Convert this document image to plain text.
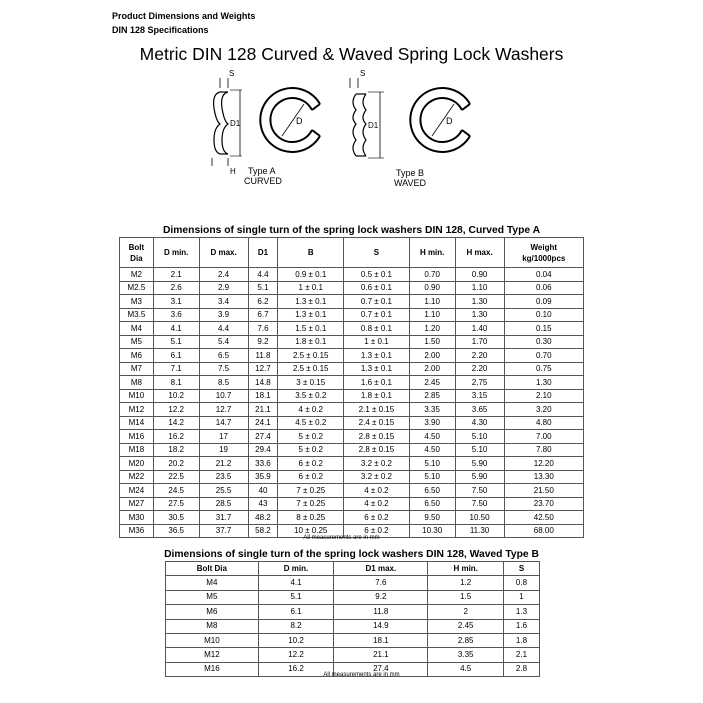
Product Dimensions and Weights
DIN 128 Specifications
Metric DIN 128 Curved & Waved Spring Lock Washers
S
H
D1	D
Type A
CURVED
S
D1	D
Type B
WAVED
Dimensions of single turn of the spring lock washers DIN 128, Curved Type A
Bolt
Dia	D min.	D max.	D1	B	S	H min.	H max.	Weight
kg/1000pcs
M2	2.1	2.4	4.4	0.9 ± 0.1	0.5 ± 0.1	0.70	0.90	0.04
M2.5	2.6	2.9	5.1	1 ± 0.1	0.6 ± 0.1	0.90	1.10	0.06
M3	3.1	3.4	6.2	1.3 ± 0.1	0.7 ± 0.1	1.10	1.30	0.09
M3.5	3.6	3.9	6.7	1.3 ± 0.1	0.7 ± 0.1	1.10	1.30	0.10
M4	4.1	4.4	7.6	1.5 ± 0.1	0.8 ± 0.1	1.20	1.40	0.15
M5	5.1	5.4	9.2	1.8 ± 0.1	1 ± 0.1	1.50	1.70	0.30
M6	6.1	6.5	11.8	2.5 ± 0.15	1.3 ± 0.1	2.00	2.20	0.70
M7	7.1	7.5	12.7	2.5 ± 0.15	1.3 ± 0.1	2.00	2.20	0.75
M8	8.1	8.5	14.8	3 ± 0.15	1.6 ± 0.1	2.45	2.75	1.30
M10	10.2	10.7	18.1	3.5 ± 0.2	1.8 ± 0.1	2.85	3.15	2.10
M12	12.2	12.7	21.1	4 ± 0.2	2.1 ± 0.15	3.35	3.65	3.20
M14	14.2	14.7	24.1	4.5 ± 0.2	2.4 ± 0.15	3.90	4.30	4.80
M16	16.2	17	27.4	5 ± 0.2	2.8 ± 0.15	4.50	5.10	7.00
M18	18.2	19	29.4	5 ± 0.2	2.8 ± 0.15	4.50	5.10	7.80
M20	20.2	21.2	33.6	6 ± 0.2	3.2 ± 0.2	5.10	5.90	12.20
M22	22.5	23.5	35.9	6 ± 0.2	3.2 ± 0.2	5.10	5.90	13.30
M24	24.5	25.5	40	7 ± 0.25	4 ± 0.2	6.50	7.50	21.50
M27	27.5	28.5	43	7 ± 0.25	4 ± 0.2	6.50	7.50	23.70
M30	30.5	31.7	48.2	8 ± 0.25	6 ± 0.2	9.50	10.50	42.50
M36	36.5	37.7	58.2	10 ± 0.25	6 ± 0.2	10.30	11.30	68.00
All measurements are in mm
Dimensions of single turn of the spring lock washers DIN 128, Waved Type B
Bolt Dia	D min.	D1 max.	H min.	S
M4	4.1	7.6	1.2	0.8
M5	5.1	9.2	1.5	1
M6	6.1	11.8	2	1.3
M8	8.2	14.9	2.45	1.6
M10	10.2	18.1	2.85	1.8
M12	12.2	21.1	3.35	2.1
M16	16.2	27.4	4.5	2.8
All measurements are in mm
